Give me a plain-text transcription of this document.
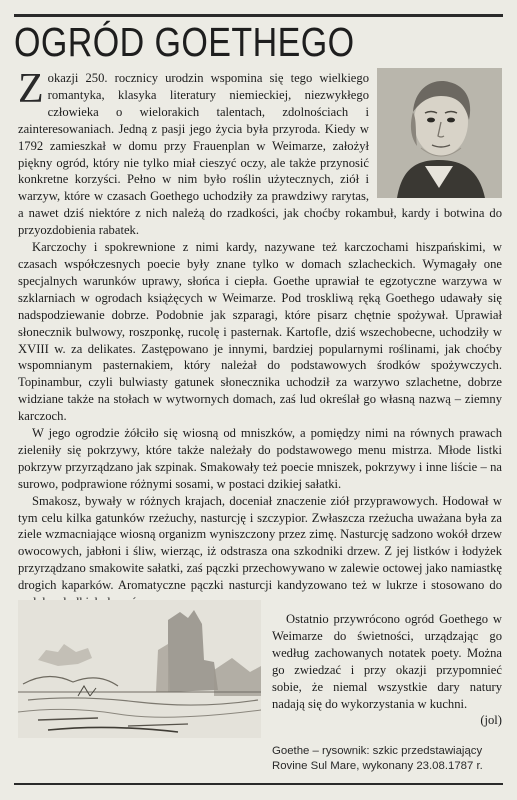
OGRÓD GOETHEGO

Zokazji 250. rocznicy urodzin wspomina się tego wielkiego romantyka, klasyka literatury niemieckiej, niezwykłego człowieka o wielorakich talentach, zdolnościach i zainteresowaniach. Jedną z pasji jego życia była przyroda. Kiedy w 1792 zamieszkał w domu przy Frauenplan w Weimarze, założył piękny ogród, który nie tylko miał cieszyć oczy, ale także przynosić konkretne korzyści. Pełno w nim było roślin użytecznych, ziół i warzyw, które w czasach Goethego uchodziły za prawdziwy rarytas, a nawet dziś niektóre z nich należą do rzadkości, jak choćby rokambuł, kardy i botwina do przyozdobienia rabatek.

Karczochy i spokrewnione z nimi kardy, nazywane też karczochami hiszpańskimi, w czasach współczesnych poecie były znane tylko w domach szlacheckich. Wymagały one specjalnych warunków uprawy, słońca i ciepła. Goethe uprawiał te egzotyczne warzywa w szklarniach w ogrodach książęcych w Weimarze. Pod troskliwą ręką Goethego udawały się nadspodziewanie dobrze. Podobnie jak szparagi, które pisarz chętnie spożywał. Uprawiał słonecznik bulwowy, roszponkę, rucolę i pasternak. Kartofle, dziś wszechobecne, uchodziły w XVIII w. za delikates. Zastępowano je innymi, bardziej popularnymi roślinami, jak choćby wspomnianym pasternakiem, który należał do podstawowych środków spożywczych. Topinambur, czyli bulwiasty gatunek słonecznika uchodził za warzywo szlachetne, dobrze widziane także na stołach w wytwornych domach, zaś lud określał go własną nazwą – ziemny karczoch.

W jego ogrodzie żółciło się wiosną od mniszków, a pomiędzy nimi na równych prawach zieleniły się pokrzywy, które także należały do podstawowego menu mistrza. Młode listki pokrzyw przyrządzano jak szpinak. Smakowały też poecie mniszek, pokrzywy i inne liście – na surowo, podprawione różnymi sosami, w postaci dzikiej sałatki.

Smakosz, bywały w różnych krajach, doceniał znaczenie ziół przyprawowych. Hodował w tym celu kilka gatunków rzeżuchy, nasturcję i szczypior. Zwłaszcza rzeżucha uważana była za ziele wzmacniające wiosną organizm wyniszczony przez zimę. Nasturcję sadzono wokół drzew owocowych, jabłoni i śliw, wierząc, iż odstrasza ona szkodniki drzew. Z jej listków i łodyżek przyrządzano smakowite sałatki, zaś pączki przechowywano w zalewie octowej jako namiastkę drogich kaparków. Aromatyczne pączki nasturcji kandyzowano też w lukrze i stosowano do

Ostatnio przywrócono ogród Goethego w Weimarze do świetności, urządzając go według zachowanych notatek poety. Można go zwiedzać i przy okazji przypomnieć sobie, że niemal wszystkie dary natury nadają się do wykorzystania w kuchni.
(jol)

Goethe – rysownik: szkic przedstawiający Rovine Sul Mare, wykonany 23.08.1787 r.
